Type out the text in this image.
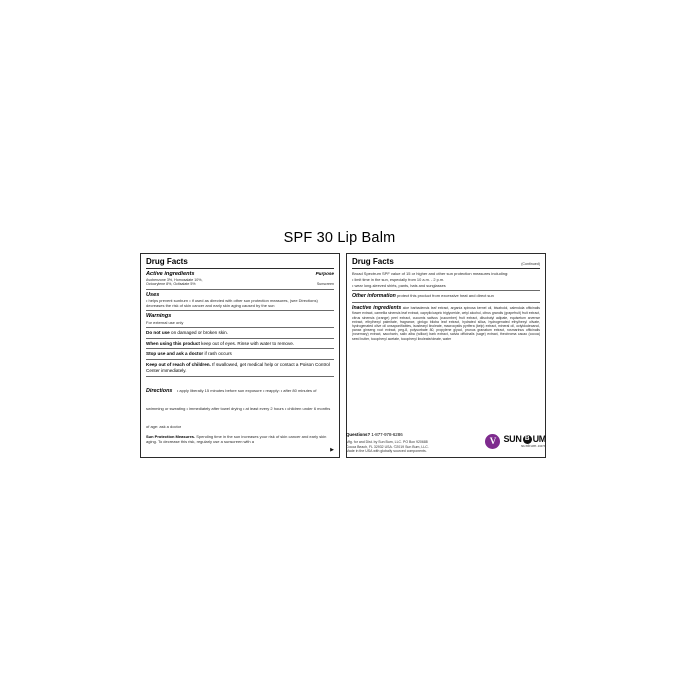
SPF 30 Lip Balm
Drug Facts
Active ingredients	Purpose
Avobenzone 3%, Homosalate 10%,
Octocrylene 8%, Octisalate 5%	Sunscreen
Uses
• helps prevent sunburn • if used as directed with other sun protection measures, (see Directions) decreases the risk of skin cancer and early skin aging caused by the sun
Warnings
For external use only
Do not use on damaged or broken skin.
When using this product keep out of eyes. Rinse with water to remove.
Stop use and ask a doctor if rash occurs
Keep out of reach of children. If swallowed, get medical help or contact a Poison Control Center immediately.
Directions • apply liberally 15 minutes before sun exposure • reapply: • after 80 minutes of swimming or sweating • immediately after towel drying • at least every 2 hours • children under 6 months of age: ask a doctor
Sun Protection Measures. Spending time in the sun increases your risk of skin cancer and early skin aging. To decrease this risk, regularly use a sunscreen with a
▶
Drug Facts	(Continued)
Broad Spectrum SPF value of 15 or higher and other sun protection measures including:
• limit time in the sun, especially from 10 a.m. - 2 p.m.
• wear long-sleeved shirts, pants, hats and sunglasses
Other information protect this product from excessive heat and direct sun
Inactive ingredients aloe barbadensis leaf extract, arganía spinosa kernel oil, bisabolol, calendula officinalis flower extract, camellia sinensis leaf extract, caprylic/capric triglyceride, cetyl alcohol, citrus grandis (grapefruit) fruit extract, citrus sinensis (orange) peel extract, cucumis sativus (cucumber) fruit extract, diisobutyl adipate, equisetum arvense extract, ethylhexyl palmitate, fragrance, ginkgo biloba leaf extract, hydrated silica, hydrogenated ethylhexyl olivate, hydrogenated olive oil unsaponifiables, isostearyl linoleate, macrocystis pyrifera (kelp) extract, mineral oil, octyldodecanol, panax ginseng root extract, peg-8, polysorbate 80, propylene glycol, prunus granatum extract, rosmarinus officinalis (rosemary) extract, saccharin, salix alba (willow) bark extract, salvia officinalis (sage) extract, theobroma cacao (cocoa) seed butter, tocopheryl acetate, tocopheryl linoleate/oleate, water
Questions? 1-877-978-6286
Mfg. for and Dist. by Sun Bum, LLC. PO Box 920688
Cocoa Beach, FL 32932 USA. ©2019 Sun Bum, LLC.
Made in the USA with globally sourced components.
V SUN B UM
sunbum.com
